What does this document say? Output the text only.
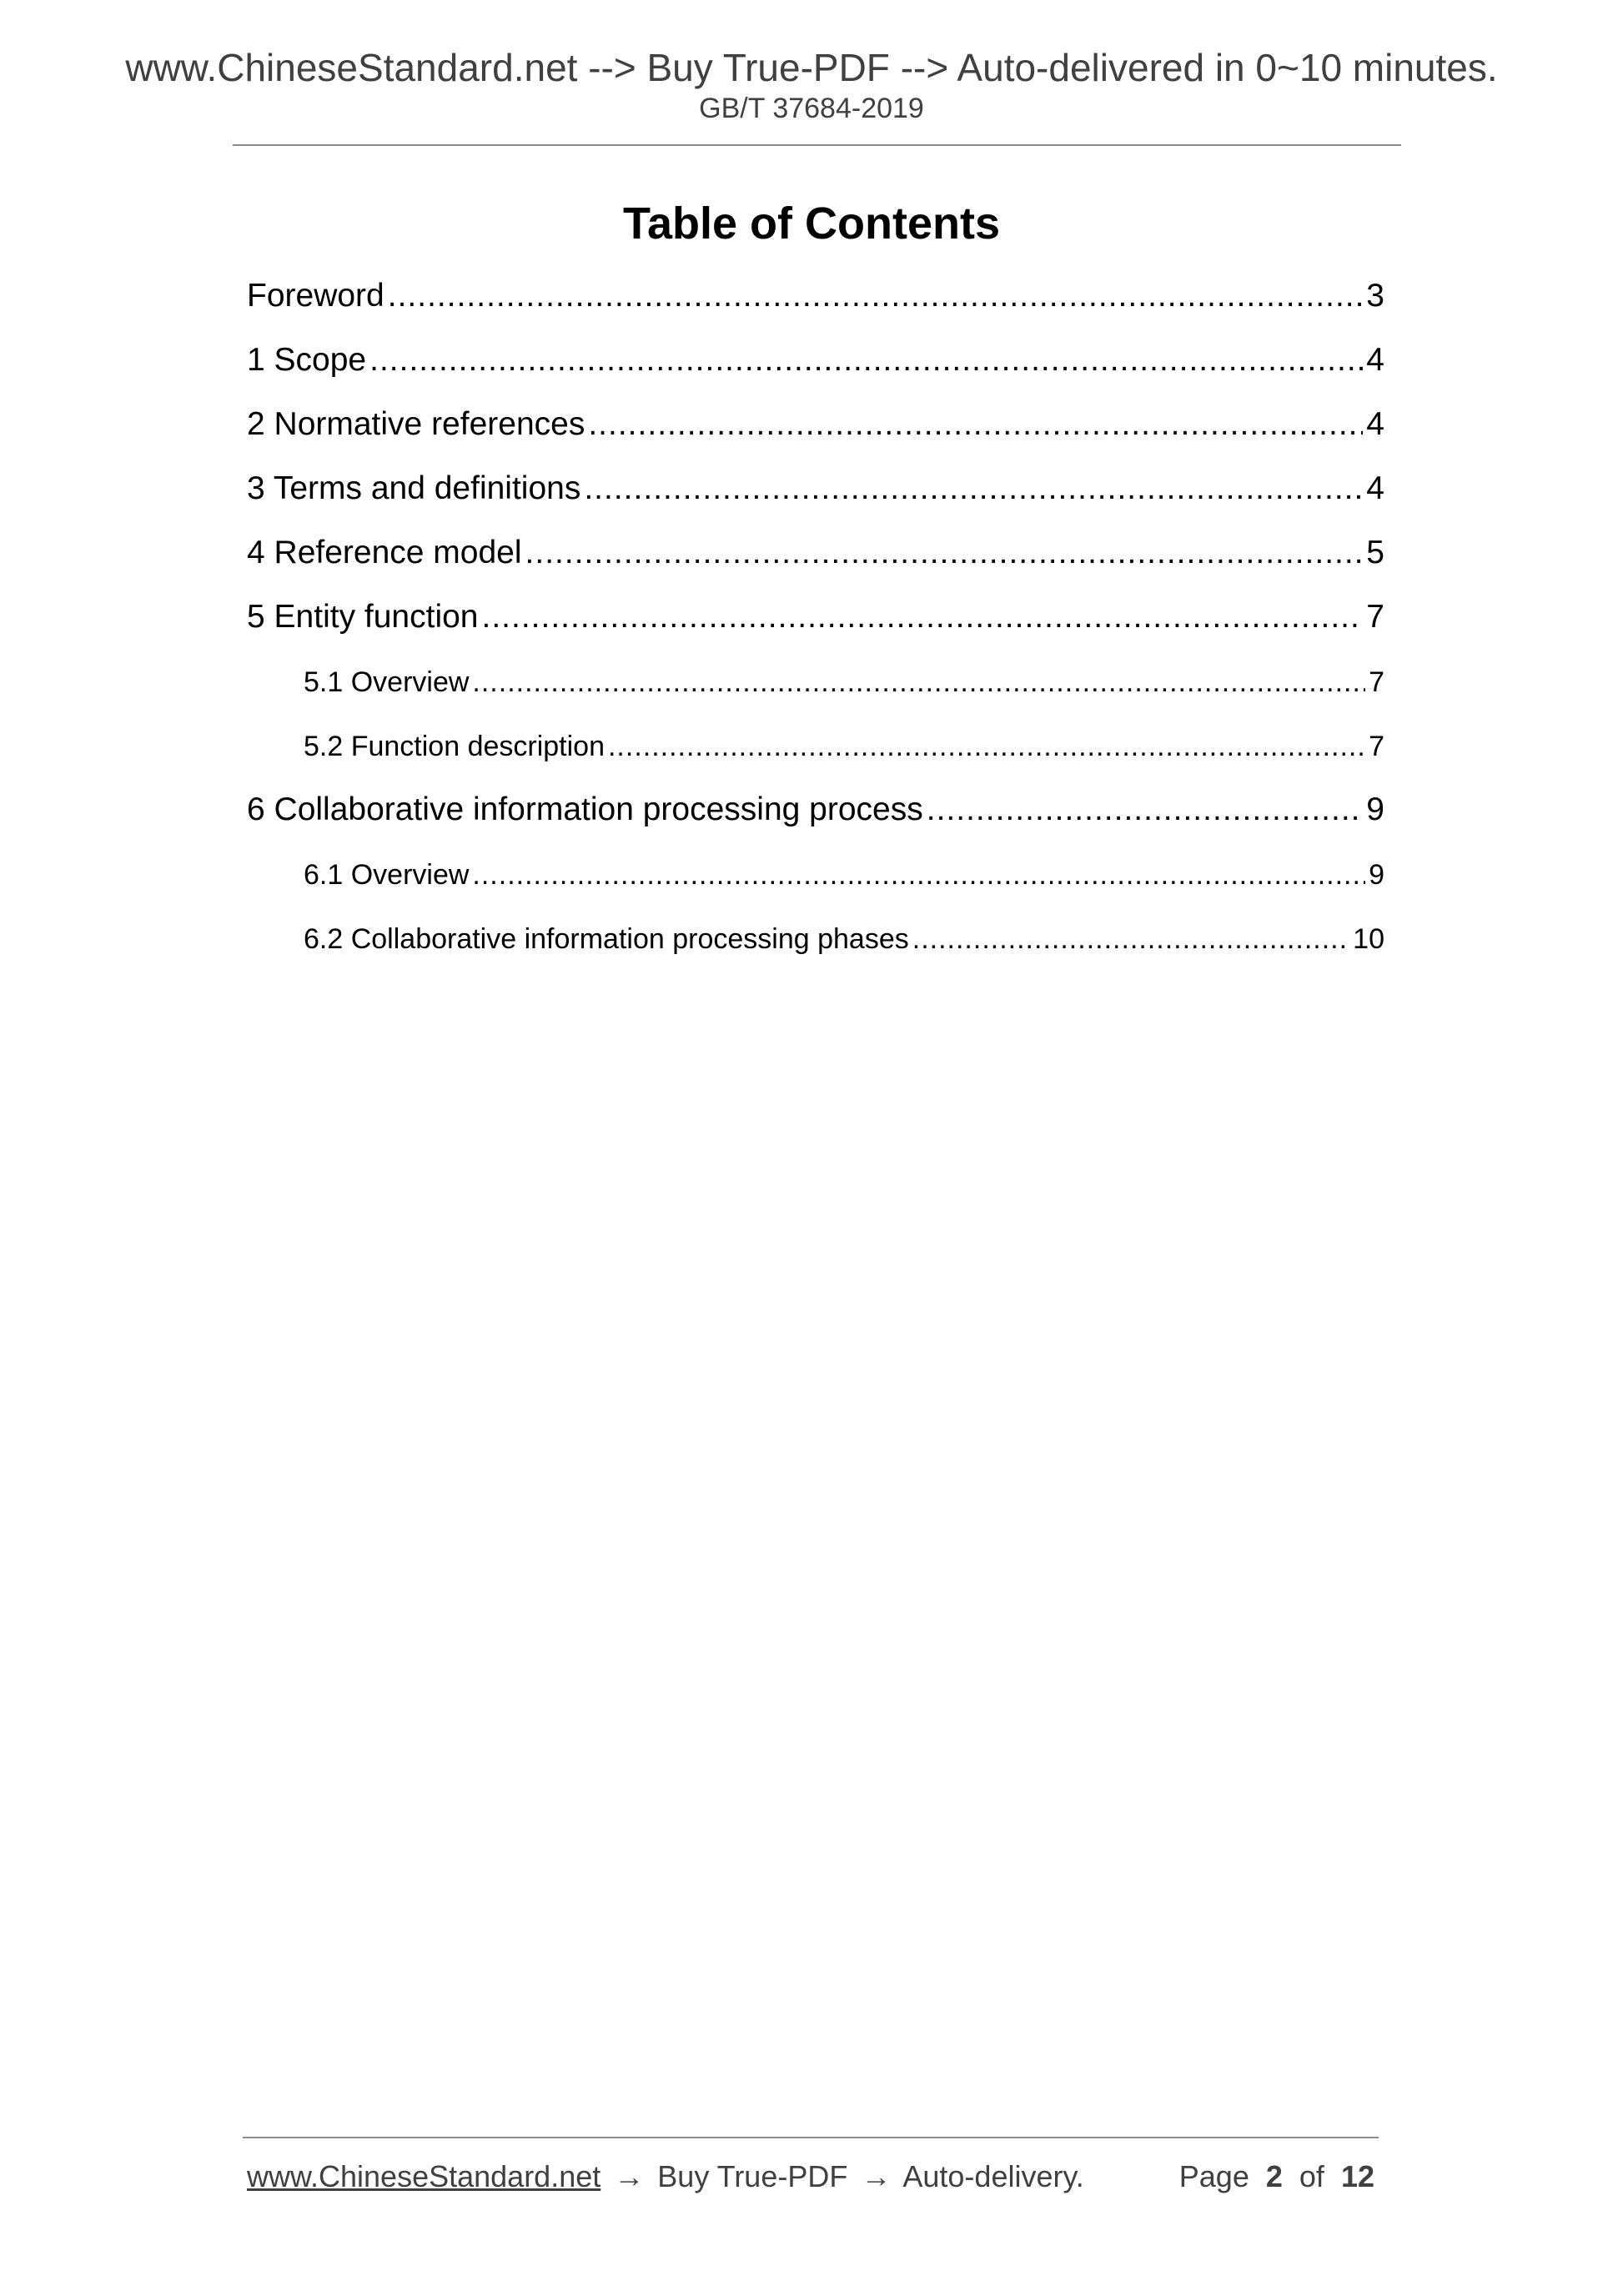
www.ChineseStandard.net --> Buy True-PDF --> Auto-delivered in 0~10 minutes.
GB/T 37684-2019
Table of Contents
Foreword .....	3
1 Scope .....	4
2 Normative references .....	4
3 Terms and definitions .....	4
4 Reference model .....	5
5 Entity function .....	7
5.1 Overview .....	7
5.2 Function description .....	7
6 Collaborative information processing process .....	9
6.1 Overview .....	9
6.2 Collaborative information processing phases .....	10
www.ChineseStandard.net → Buy True-PDF → Auto-delivery.	Page 2 of 12
